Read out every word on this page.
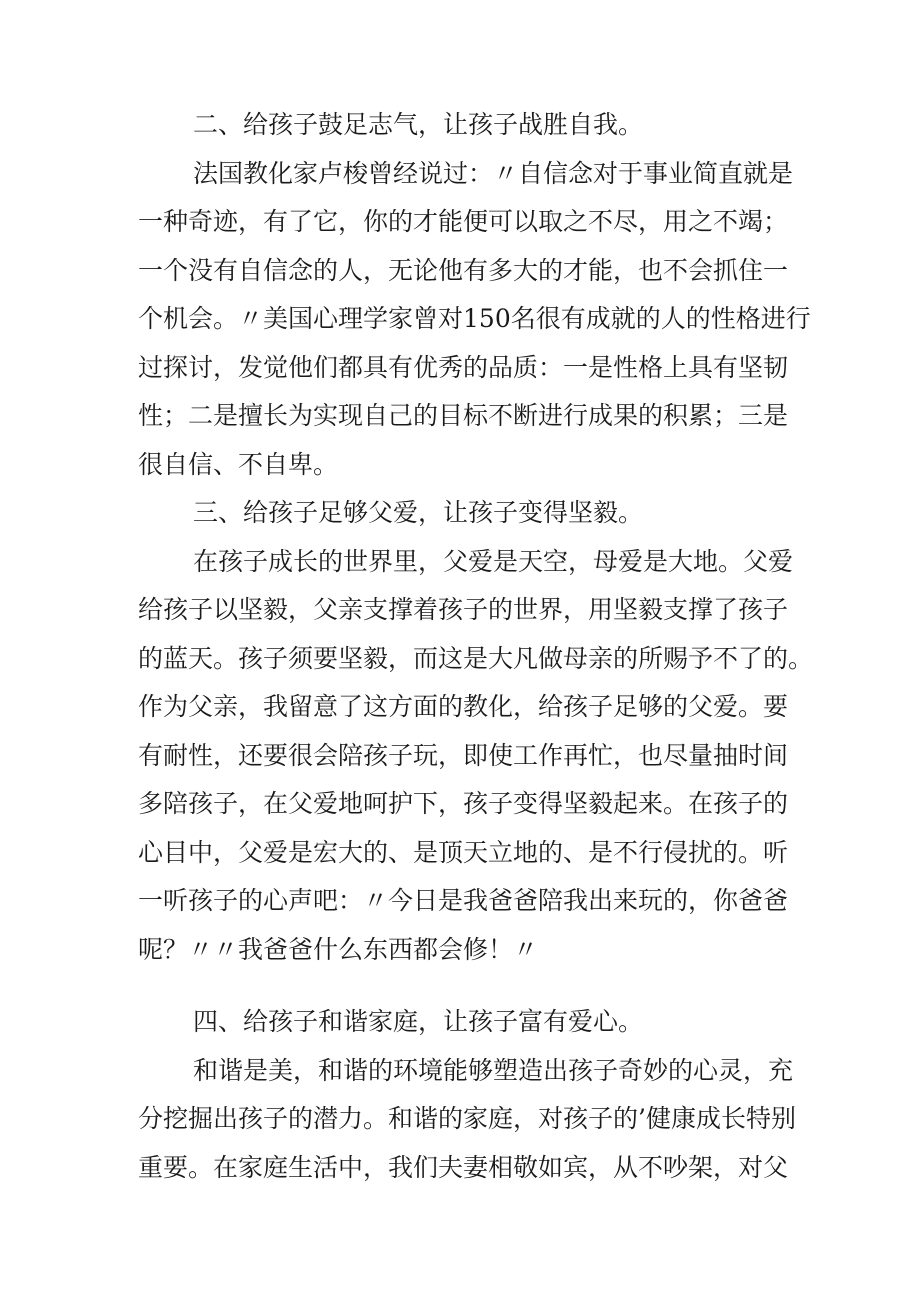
二、给孩子鼓足志气，让孩子战胜自我。
法国教化家卢梭曾经说过：〃自信念对于事业简直就是
一种奇迹，有了它，你的才能便可以取之不尽，用之不竭；
一个没有自信念的人，无论他有多大的才能，也不会抓住一
个机会。〃美国心理学家曾对150名很有成就的人的性格进行
过探讨，发觉他们都具有优秀的品质：一是性格上具有坚韧
性；二是擅长为实现自己的目标不断进行成果的积累；三是
很自信、不自卑。
三、给孩子足够父爱，让孩子变得坚毅。
在孩子成长的世界里，父爱是天空，母爱是大地。父爱
给孩子以坚毅，父亲支撑着孩子的世界，用坚毅支撑了孩子
的蓝天。孩子须要坚毅，而这是大凡做母亲的所赐予不了的。
作为父亲，我留意了这方面的教化，给孩子足够的父爱。要
有耐性，还要很会陪孩子玩，即使工作再忙，也尽量抽时间
多陪孩子，在父爱地呵护下，孩子变得坚毅起来。在孩子的
心目中，父爱是宏大的、是顶天立地的、是不行侵扰的。听
一听孩子的心声吧：〃今日是我爸爸陪我出来玩的，你爸爸
呢？〃〃我爸爸什么东西都会修！〃
四、给孩子和谐家庭，让孩子富有爱心。
和谐是美，和谐的环境能够塑造出孩子奇妙的心灵，充
分挖掘出孩子的潜力。和谐的家庭，对孩子的’健康成长特别
重要。在家庭生活中，我们夫妻相敬如宾，从不吵架，对父
